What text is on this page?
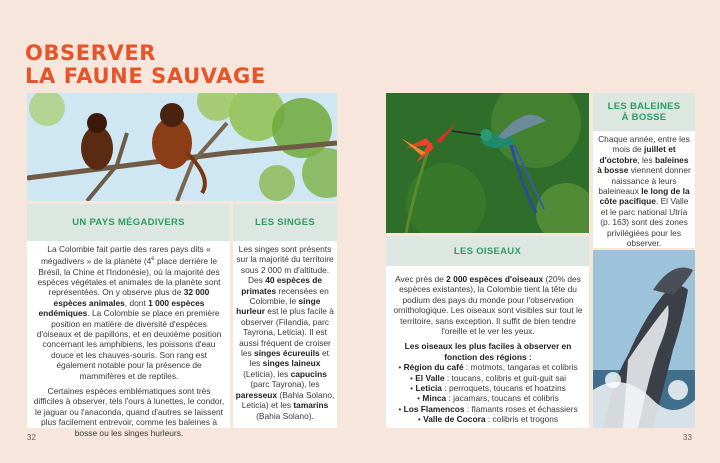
OBSERVER
LA FAUNE SAUVAGE
UN PAYS MÉGADIVERS

La Colombie fait partie des rares pays dits « mégadivers » de la planète (4e place derrière le Brésil, la Chine et l'Indonésie), où la majorité des espèces végétales et animales de la planète sont représentées. On y observe plus de 32 000 espèces animales, dont 1 000 espèces endémiques. La Colombie se place en première position en matière de diversité d'espèces d'oiseaux et de papillons, et en deuxième position concernant les amphibiens, les poissons d'eau douce et les chauves-souris. Son rang est également notable pour la présence de mammifères et de reptiles.

Certaines espèces emblématiques sont très difficiles à observer, tels l'ours à lunettes, le condor, le jaguar ou l'anaconda, quand d'autres se laissent plus facilement entrevoir, comme les baleines à bosse ou les singes hurleurs.

LES SINGES
Les singes sont présents sur la majorité du territoire sous 2 000 m d'altitude. Des 40 espèces de primates recensées en Colombie, le singe hurleur est le plus facile à observer (Filandia, parc Tayrona, Leticia). Il est aussi fréquent de croiser les singes écureuils et les singes laineux (Leticia), les capucins (parc Tayrona), les paresseux (Bahia Solano, Leticia) et les tamarins (Bahia Solano).
LES OISEAUX

Avec près de 2 000 espèces d'oiseaux (20% des espèces existantes), la Colombie tient la tête du podium des pays du monde pour l'observation ornithologique. Les oiseaux sont visibles sur tout le territoire, sans exception. Il suffit de bien tendre l'oreille et le ver les yeux.

Les oiseaux les plus faciles à observer en fonction des régions :
• Région du café : motmots, tangaras et colibris
• El Valle : toucans, colibris et guit-guit sai
• Leticia : perroquets, toucans et hoatzins
• Minca : jacamars, toucans et colibris
• Los Flamencos : flamants roses et échassiers
• Valle de Cocora : colibris et trogons
LES BALEINES
À BOSSE
Chaque année, entre les mois de juillet et d'octobre, les baleines à bosse viennent donner naissance à leurs baleineaux le long de la côte pacifique. El Valle et le parc national Utría (p. 163) sont des zones privilégiées pour les observer.
32	33
